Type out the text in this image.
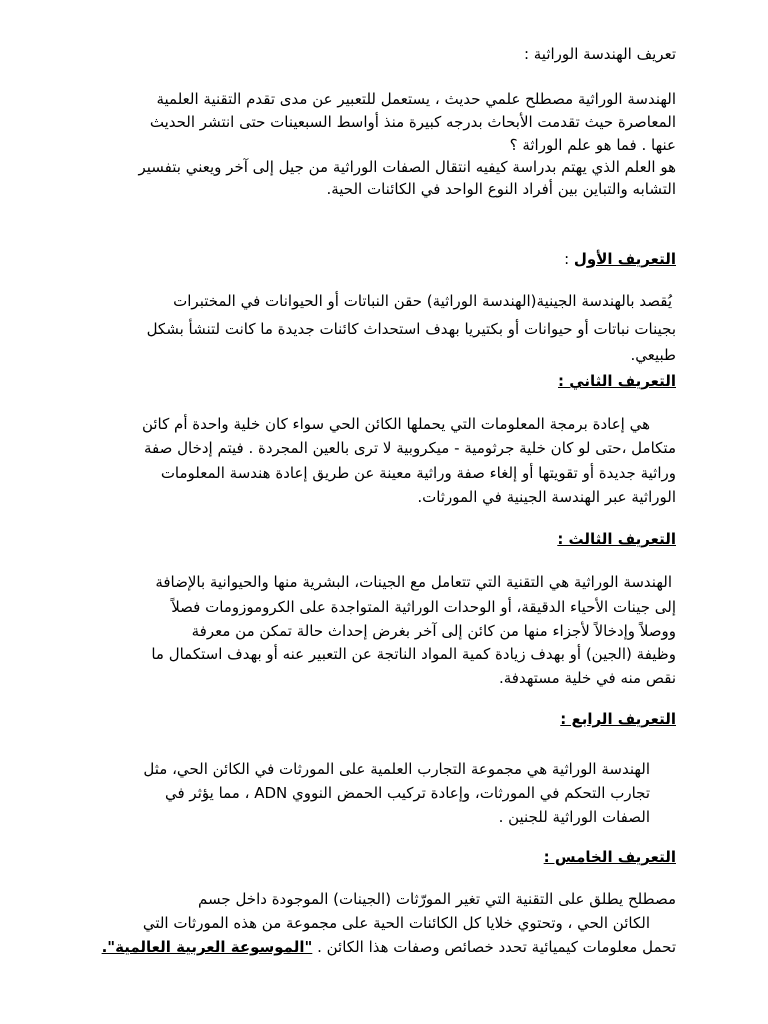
تعريف الهندسة الوراثية :
الهندسة الوراثية مصطلح علمي حديث ، يستعمل للتعبير عن مدى تقدم التقنية العلمية
المعاصرة حيث تقدمت الأبحاث بدرجه كبيرة منذ أواسط السبعينات حتى انتشر الحديث
عنها . فما هو علم الوراثة ؟
هو العلم الذي يهتم بدراسة كيفيه انتقال الصفات الوراثية من جيل إلى آخر ويعني بتفسير
التشابه والتباين بين أفراد النوع الواحد في الكائنات الحية.
التعريف الأول :
يُقصد بالهندسة الجينية(الهندسة الوراثية) حقن النباتات أو الحيوانات في المختبرات
بجينات نباتات أو حيوانات أو بكتيريا بهدف استحداث كائنات جديدة ما كانت لتنشأ بشكل
طبيعي.
التعريف الثاني :
هي إعادة برمجة المعلومات التي يحملها الكائن الحي سواء كان خلية واحدة أم كائن
متكامل ،حتى لو كان خلية جرثومية - ميكروبية لا ترى بالعين المجردة . فيتم إدخال صفة
وراثية جديدة أو تقويتها أو إلغاء صفة وراثية معينة عن طريق إعادة هندسة المعلومات
الوراثية عبر الهندسة الجينية في المورثات.
التعريف الثالث :
الهندسة الوراثية هي التقنية التي تتعامل مع الجينات، البشرية منها والحيوانية بالإضافة
إلى جينات الأحياء الدقيقة، أو الوحدات الوراثية المتواجدة على الكروموزومات فصلاً
ووصلاً وإدخالاً لأجزاء منها من كائن إلى آخر بغرض إحداث حالة تمكن من معرفة
وظيفة (الجين) أو بهدف زيادة كمية المواد الناتجة عن التعبير عنه أو بهدف استكمال ما
نقص منه في خلية مستهدفة.
التعريف الرابع :
الهندسة الوراثية هي مجموعة التجارب العلمية على المورثات في الكائن الحي، مثل
تجارب التحكم في المورثات، وإعادة تركيب الحمض النووي ADN ، مما يؤثر في
الصفات الوراثية للجنين .
التعريف الخامس :
مصطلح يطلق على التقنية التي تغير المورّثات (الجينات) الموجودة داخل جسم
الكائن الحي ، وتحتوي خلايا كل الكائنات الحية على مجموعة من هذه المورثات التي
تحمل معلومات كيميائية تحدد خصائص وصفات هذا الكائن . "الموسوعة العربية العالمية".
